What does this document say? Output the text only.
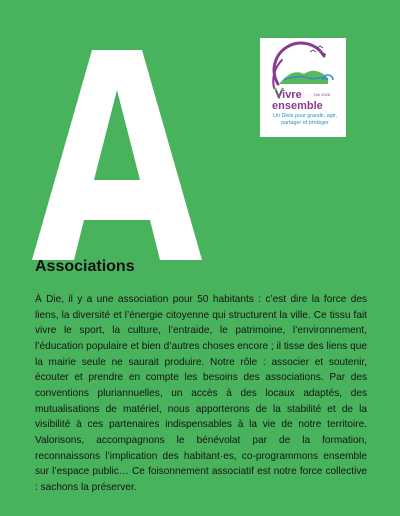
Vivre	Die 2026
ensemble
Un Diois pour grandir, agir, partager et protéger
Associations

À Die, il y a une association pour 50 habitants : c’est dire la force des liens, la diversité et l’énergie citoyenne qui structurent la ville. Ce tissu fait vivre le sport, la culture, l’entraide, le patrimoine, l’environnement, l’éducation populaire et bien d’autres choses encore ; il tisse des liens que la mairie seule ne saurait produire. Notre rôle : associer et soutenir, écouter et prendre en compte les besoins des associations. Par des conventions pluriannuelles, un accès à des locaux adaptés, des mutualisations de matériel, nous apporterons de la stabilité et de la visibilité à ces partenaires indispensables à la vie de notre territoire. Valorisons, accompagnons le bénévolat par de la formation, reconnaissons l’implication des habitant·es, co-programmons ensemble sur l’espace public… Ce foisonnement associatif est notre force collective : sachons la préserver.
